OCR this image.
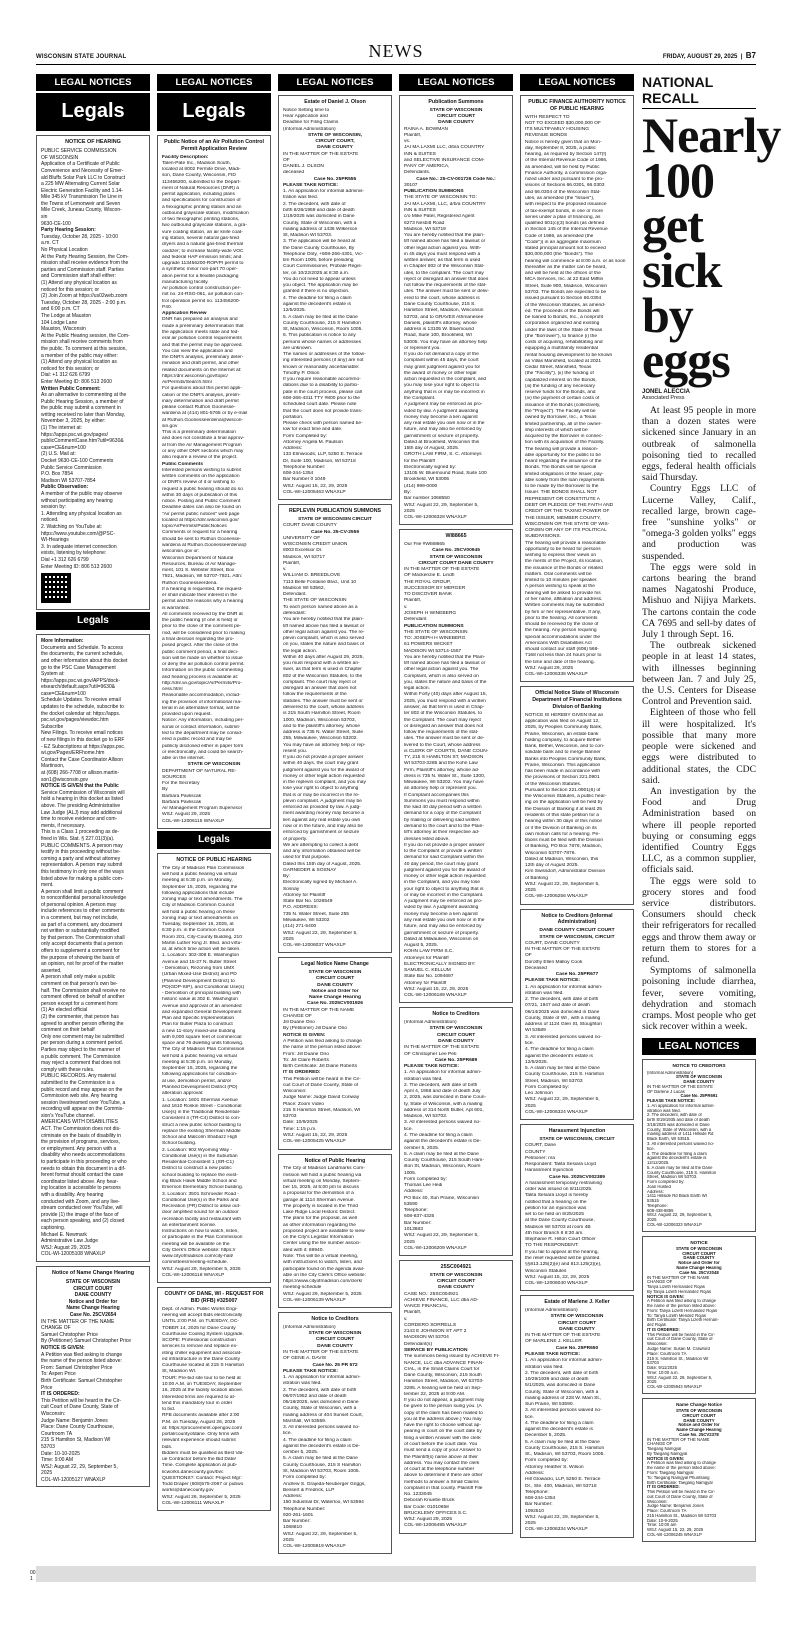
WISCONSIN STATE JOURNAL	NEWS	FRIDAY, AUGUST 29, 2025  |  B7
LEGAL NOTICES
Legals
NOTICE OF HEARING
PUBLIC SERVICE COMMISSION
OF WISCONSIN
Application of a Certificate of Public
Convenience and Necessity of Emer-
ald Bluffs Solar Park LLC to Construct
a 225 MW Alternating Current Solar
Electric Generation Facility and 1.14-
Mile 345 kV Transmission Tie Line in
the Towns of Lemonweir and Seven
Mile Creek, Juneau County, Wiscon-
sin
9630-CE-100
Party Hearing Session:
Tuesday, October 28, 2025 - 10:00
a.m. CT
No Physical Location
At the Party Hearing Session, the Com-
mission shall receive evidence from the
parties and Commission staff. Parties
and Commission staff shall either:
(1) Attend any physical location as
noticed for this session; or
(2) Join Zoom at https://us02web.zoom
Tuesday, October 28, 2025 - 2:00 p.m.
and 6:00 p.m. CT
The Lodge at Mauston
104 Lodge Lane
Mauston, Wisconsin
At the Public Hearing session, the Com-
mission shall receive comments from
the public. To comment at this session,
a member of the public may either:
(1) Attend any physical location as
noticed for this session; or
Dial: +1 312 626 6799
Enter Meeting ID: 806 513 2600
Written Public Comment:
As an alternative to commenting at the
Public Hearing Session, a member of
the public may submit a comment in
writing received no later than Monday,
November 3, 2025, by either:
(1) The internet at:
https://apps.psc.wi.gov/pages/
publicCommentCase.htm?util=9630&
case=CE&num=100
(2) U.S. Mail at:
Docket 9630-CE-100 Comments
Public Service Commission
P.O. Box 7854
Madison WI 53707-7854
Public Observation:
A member of the public may observe
without participating any hearing
session by:
1. Attending any physical location as
noticed.
2. Watching on YouTube at:
https://www.youtube.com/@PSC-
WI-Hearings
3. In adequate internet connection
exists, listening by telephone:
Dial +1 312 626 6799
Enter Meeting ID: 806 513 2600
Legals
More Information:
Documents and Schedule. To access
the documents, the current schedule,
and other information about this docket
go to the PSC Case Management
System at:
https://apps.psc.wi.gov/APPS/dock-
etsearch/default.aspx?util=9630&
case=CE&num=100
Schedule Updates. To receive email
updates to the schedule, subscribe to
the docket calendar at: https://apps.
psc.wi.gov/pages/viewdoc.htm
Subscribe
New Filings. To receive email notices
of new filings in this docket go to ERF
- EZ Subscriptions at https://apps.psc.
wi.gov/Pages/ERFhome.htm
Contact the Case Coordinator Allison
Martinson,
at (608) 266-7708 or allison.martin-
son1@wisconsin.gov
NOTICE IS GIVEN that the Public
Service Commission of Wisconsin will
hold a hearing in this docket as listed
above. The presiding Administrative
Law Judge (ALJ) may add additional
time to receive evidence and com-
ments, if necessary.
This is a Class 1 proceeding as de-
fined in Wis. Stat. § 227.01(3)(a).
PUBLIC COMMENTS. A person may
testify in this proceeding without be-
coming a party and without attorney
representation. A person may submit
this testimony in only one of the ways
listed above for making a public com-
ment.
A person shall limit a public comment
to nonconfidential personal knowledge
of personal opinion. A person may
include references to other comments
in a comment, but may not include,
as part of a comment, any document
not written or substantially modified
by that person. The Commission shall
only accept documents that a person
offers to supplement a comment for
the purpose of showing the basis of
an opinion, not for proof of the matter
asserted.
A person shall only make a public
comment on that person's own be-
half. The Commission shall receive no
comment offered on behalf of another
person except for a comment from:
(1) An elected official
(2) the commenter, that person has
agreed to another person offering the
comment on their behalf
Only one comment may be submitted
per person during a comment period.
Parties may object to the manner of
a public comment. The Commission
may reject a comment that does not
comply with these rules.
PUBLIC RECORDS. Any material
submitted to the Commission is a
public record and may appear on the
Commission web site. Any hearing
session livestreamed over YouTube, a
recording will appear on the Commis-
sion's YouTube channel.
AMERICANS WITH DISABILITIES
ACT. The Commission does not dis-
criminate on the basis of disability in
the provision of programs, services,
or employment. Any person with a
disability who needs accommodations
to participate in this proceeding or who
needs to obtain this document in a dif-
ferent format should contact the case
coordinator listed above. Any hear-
ing location is accessible to persons
with a disability. Any hearing
conducted with Zoom, and any live-
stream conducted over YouTube, will
provide (1) the image of the face of
each person speaking, and (2) closed
captioning.
Michael E. Newmark
Administrative Law Judge
WSJ: August 29, 2025
COL-WI-12005108 WNAXLP
Notice of Name Change Hearing
STATE OF WISCONSIN
CIRCUIT COURT
DANE COUNTY
Notice and Order for
Name Change Hearing
Case No. 25CV2654
IN THE MATTER OF THE NAME
CHANGE OF
Samuel Christopher Price
By (Petitioner) Samuel Christopher Price
NOTICE IS GIVEN:
A Petition was filed asking to change
the name of the person listed above:
From: Samuel Christopher Price
To: Aspen Price
Birth Certificate: Samuel Christopher
Price
IT IS ORDERED:
This Petition will be heard in the Cir-
cuit Court of Dane County, State of
Wisconsin:
Judge Name: Benjamin Jones
Place: Dane County Courthouse,
Courtroom 7A
215 S Hamilton St, Madison WI
53703
Date: 10-10-2025
Time: 9:00 AM
WSJ: August 22, 29, September 5,
2025
COL-WI-12005127 WNAXLP
LEGAL NOTICES
Legals
Public Notice of an Air Pollution Control Permit Application Review
Facility Description:
Talen-Pate Inc., Madison South,
located at 8002 Fermite Drive, Madi-
son, Dane County, Wisconsin, FID
113456200, submitted to the Depart-
ment of Natural Resources (DNR) a
permit application, including plans
and specifications for construction of
a flexographic printing station and an
outbound grayscale station, modification
of two flexographic printing stations,
two outbound grayscale stations, a gra-
vure coating station, an air knife coat-
ing station, several natural gas-fired
dryers and a natural gas-fired thermal
oxidizer; to increase facility-wide VOC
and federal HAP emission limits; and
upgrade 113456200-ROP/PI permit to
a synthetic minor non-part 70 oper-
ation permit for a flexible packaging
manufacturing facility.
Air pollution control construction per-
mit no. 24-RSG-061, air pollution con-
trol operation permit no. 113456200-
P40.
Application Review
DNR has prepared an analysis and
made a preliminary determination that
the application meets state and fed-
eral air pollution control requirements
and that the permit may be approved.
You can view the application and
the DNR's analysis, preliminary deter-
mination and draft permit, and other
related documents on the Internet at:
https://dnr.wisconsin.gov/topic/
AirPermits/Search.html
For questions about this permit appli-
cation or the DNR's analysis, prelim-
inary determination and draft permit
please contact Ruthon Goonesse-
wardena at (414) 801-5765 or by e-mail
at Ruthon.Goonesseerdena@wiscon-
sin.gov
This is a preliminary determination
and does not constitute a final approv-
al from the Air Management Program
or any other DNR sections which may
also require a review of the project.
Public Comments
Interested persons wishing to submit
written comments on the application
or DNR's review of it or wishing to
request a public hearing should do so
within 30 days of publication of this
notice. Posting and Public Comment
Deadline dates can also be found on
"Air permit public notices" web page
located at https://dnr.wisconsin.gov/
topic/AirPermits/PublicNotices
Comments or request for a hearing
should be sent to Ruthon Goonesse-
wardena at Ruthon.Goonesseerdena@
wisconsin.gov or:
Wisconsin Department of Natural
Resources, Bureau of Air Manage-
ment, 101 S. Webster Street, Box
7921, Madison, WI 53707-7921. Attn:
Ruthon Goonesseerdena.
If a hearing is requested, the request-
er shall indicate their interest in the
permit and the reasons why a hearing
is warranted.
All comments received by the DNR at
the public hearing (if one is held) or
prior to the close of the comment pe-
riod, will be considered prior to making
a final decision regarding the pro-
posed project. After the close of the
public comment period, a final deci-
sion will be made on whether to issue
or deny the air pollution control permit.
Information on the public commenting
and hearing process is available at:
http://dnr.wi.gov/topic/AirPermits/Pro-
cess.html
Reasonable accommodation, includ-
ing the provision of informational ma-
terial in an alternative format, will be
provided upon request.
Notice: Any information, including per-
sonal or contact information, submit-
ted to the department may be consid-
ered a public record and may be
publicly disclosed either in paper form
or electronically, and could be search-
able on the internet.
STATE OF WISCONSIN
DEPARTMENT OF NATURAL RE-
SOURCES
For the Secretary
By
Barbara Pavliscak
Barbara Pavliscak
Air Management Program Supervisor
WSJ: August 29, 2025
COL-WI-12006115 WNAXLP
Legals
NOTICE OF PUBLIC HEARING
The City of Madison Plan Commission
will hold a public hearing via virtual
meeting at 5:30 p.m. on Monday,
September 15, 2025, regarding the
following applications that include
zoning map or text amendments. The
City of Madison Common Council
will hold a public hearing on these
zoning map or text amendments on
Tuesday, September 16, 2025, at
6:30 p.m. in the Common Council
Room 201, City-County Building, 210
Martin Luther King Jr. Blvd. and virtu-
al, at which time action will be taken.
1. Location: 302-308 E. Washington
Avenue and 15-27 N. Butler Street
- Demolition, Rezoning from UMX
(Urban Mixed-Use District) and PD
(Planned Development District) to
PD(GDP-SIP), and Conditional Use(s)
- Demolition of principal building with
historic value at 302 E. Washington
Avenue and approval of an amended
and expanded General Development
Plan and Specific Implementation
Plan for Butler Plaza to construct
a new 11-story mixed-use building
with 9,000 square feet of commercial
space and 76 dwelling units following.
The City of Madison Plan Commission
will hold a public hearing via virtual
meeting at 5:30 p.m. on Monday,
September 15, 2025, regarding the
following applications for condition-
al use, demolition permit, and/or
Planned Development District (PD)
alteration approval:
1. Location: 1601 Sherman Avenue
and 1610 Roskin Street - Conditional
Use(s) in the Traditional Residential-
Consistent 4 (TR-C4) District to con-
struct a new public school building to
replace the existing Sherman Middle
School and Malcolm Shabazz High
School building.
2. Location: 902 Wyoming Way -
Conditional Use(s) in the Suburban
Residential-Consistent 1 (SR-C1)
District to construct a new public
school building to replace the exist-
ing Black Hawk Middle School and
Emerson Elementary School building.
3. Location: 3501 Schroeder Road -
Conditional Use(s) in the Parks and
Recreation (PR) District to allow out-
door amplified sound for an outdoor
recreation facility and restaurant with
an entertainment license.
Instructions on how to watch, listen,
or participate in the Plan Commission
meeting will be available on the
City Clerk's Office website: https://
www.cityofmadison.com/city-hall/
committees/meeting-schedule.
WSJ: August 29, September 5, 2025
COL-WI-12006118 WNAXLP
COUNTY OF DANE, WI - REQUEST FOR BID (RFB) #325007
Dept. of Admin. Public Works Engi-
neering will accept Bids electronically
UNTIL 2:00 P.M. on TUESDAY, OC-
TOBER 14, 2025 for Dane County
Courthouse Cooling System Upgrade.
SCOPE: Professional construction
services to remove and replace ex-
isting chiller equipment and associat-
ed infrastructure in the Dane County
Courthouse located at 215 S Hamilton
St, Madison WI.
TOUR: Pre-bid site tour to be held at
10:00 A.M. on TUESDAY, September
16, 2025 at the facility location above.
Interested firms are required to at-
tend this mandatory tour in order
to bid.
RFB documents available after 2:00
P.M. on Tuesday, August 26, 2025
at: https://procurement.opengov.com/
portal/countyofdane. Only firms with
relevant experience should submit
bids.
Bidders must be qualified as Best Val-
ue Contractor before the Bid Date/
Time. Complete application at pub-
licworks.danecounty.gov/bvc
QUESTIONS?: Contact: Project Mgr:
Todd Draper (608)575-2067 or pubwo
works@danecounty.gov
WSJ: August 26, September 5, 2025
COL-WI-12006111 WNAXLP
LEGAL NOTICES
Estate of Daniel J. Olson
Notice Setting time to
Hear Application and
Deadline for Filing Claims
(Informal Administration)
STATE OF WISCONSIN,
CIRCUIT COURT,
DANE COUNTY
IN THE MATTER OF THE ESTATE
OF
DANIEL J. OLSON
deceased
Case No. 25PR555
PLEASE TAKE NOTICE:
1. An application for informal adminis-
tration was filed.
2. The decedent, with date of
birth 8/26/1959 and date of death
1/19/2025 was domiciled in Dane
County, State of Wisconsin, with a
mailing address of 1436 Wilkerson
St, Madison WI 53703.
3. The application will be heard at
the Dane County Courthouse, By
Telephone Only, +608-266-4301, Vic-
tim Room 1005, before presiding
Court Commissioner, Probate Regis-
ter, on 10/22/2025 at 8:30 a.m.
You do not need to appear unless
you object. The application may be
granted if there is no objection.
4. The deadline for filing a claim
against the decedent's estate is
12/5/2025.
5. A claim may be filed at the Dane
County Courthouse, 215 S Hamilton
St, Madison, Wisconsin, Room 1005.
6. This publication is notice to any
persons whose names or addresses
are unknown.
The names or addresses of the follow-
ing interested persons (if any) are not
known or reasonably ascertainable:
Timothy P. Olson
If you require reasonable accommo-
dations due to a disability to partici-
pate in the court process, please call
608-266-4311 TTY #800 prior to the
scheduled court date. Please note
that the court does not provide trans-
portation.
Please check with person named be-
low for exact time and date.
Form Completed by:
Attorney Angela M. Paulson
Address:
133 Elmwoods, LLP, 5250 E. Terrace
Dr, Suite 100, Madison, WI 53718
Telephone Number:
608-244-1354
Bar Number 0 1049
WSJ: August 15, 22, 29, 2025
COL-WI-12005463 WNAXLP
REPLEVIN PUBLICATION SUMMONS
STATE OF WISCONSIN CIRCUIT
COURT DANE COUNTY
Case No. 25-CV-2559
UNIVERSITY OF
WISCONSIN CREDIT UNION
8003 Excelsior Dr.
Madison, WI 53717
Plaintiff,
v.
WILLIAM D. BREEDLOVE
7113 Belle Fontaine Blvd., Unit 10
Madison WI 53562,
Defendant.
THE STATE OF WISCONSIN
To each person named above as a
defendant:
You are hereby notified that the plain-
tiff named above has filed a lawsuit or
other legal action against you. The re-
plevin complaint, which is also served
on you, states the nature and basis of
the legal action.
Within 40 days after August 29, 2025,
you must respond with a written an-
swer, as that term is used in Chapter
802 of the Wisconsin Statutes, to the
complaint. The court may reject or
disregard an answer that does not
follow the requirements of the
statutes. The answer must be sent or
delivered to the court, whose address
is 215 South Hamilton Street, Room
1000, Madison, Wisconsin 53703,
and to the plaintiff's attorney, whose
address is 735 N. Water Street, Suite
255, Milwaukee, Wisconsin 53202.
You may have an attorney help or rep-
resent you.
If you do not provide a proper answer
within 40 days, the court may grant
judgment against you for the award of
money or other legal action requested
in the replevin complaint, and you may
lose your right to object to anything
that is or may be incorrect in the re-
plevin complaint. A judgment may be
enforced as provided by law. A judg-
ment awarding money may become a
lien against any real estate you own
now or in the future, and may also be
enforced by garnishment or seizure
of property.
We are attempting to collect a debt
and any information obtained will be
used for that purpose.
Dated this 15th day of August, 2025.
GARNEDER & SOSNAY
By:
Electronically signed by Michael A.
Sosnay
Attorney for Plaintiff
State Bar No. 1028549
P.O. ADDRESS:
735 N. Water Street, Suite 255
Milwaukee, WI 53202
(414) 271-5400
WSJ: August 22, 29, September 5,
2025
COL-WI-12006037 WNAXLP
Legal Notice Name Change
STATE OF WISCONSIN
CIRCUIT COURT
DANE COUNTY
Notice and Order for
Name Change Hearing
Case No. 2025CV001926
IN THE MATTER OF THE NAME
CHANGE OF
Jill Duane Ono
By (Petitioner) Jill Duane Ono
NOTICE IS GIVEN:
A Petition was filed asking to change
the name of the person listed above:
From: Jill Duane Ono
To: Jill Claire Roberts
Birth Certificate: Jill Diane Roberts
IT IS ORDERED:
This Petition will be heard in the Cir-
cuit Court of Dane County, State of
Wisconsin:
Judge Name: Judge David Conway
Place: Zoom Video
215 S Hamilton Street, Madison, WI
53703
Date: 10/9/2025
Time: 1:15 p.m.
WSJ: August 15, 22, 29, 2025
COL-WI-12005425 WNAXLP
Notice of Public Hearing
The City of Madison Landmarks Com-
mission will hold a public hearing via
virtual meeting on Monday, Septem-
ber 15, 2025, at 5:00 pm to discuss
a proposal for the demolition of a
garage at 1114 Sherman Avenue.
The property is located in the Third
Lake Ridge Local Historic District.
The plans for the proposal, as well
as other information regarding the
proposed project are available to view
on the City's Legistar Information
Center using the file number associ-
ated with it: 88940.
Note: This will be a virtual meeting,
with instructions to watch, listen, and
participate found on the agenda avail-
able on the City Clerk's Office website:
https://www.cityofmadison.com/clerk/
meeting-schedule
WSJ: August 29, September 5, 2025
COL-WI-12006139 WNAXLP
Notice to Creditors
(Informal Administration)
STATE OF WISCONSIN
CIRCUIT COURT
DANE COUNTY
IN THE MATTER OF THE ESTATE
OF GENE A. DAVIS
Case No. 25 PR 572
PLEASE TAKE NOTICE:
1. An application for informal admin-
istration was filed.
2. The decedent, with date of birth
06/07/1952 and date of death
05/18/2025, was domiciled in Dane
County, State of Wisconsin, with a
mailing address of 404 Sunset Court,
Marshall, WI 53559.
3. All interested persons waived no-
tice.
4. The deadline for filing a claim
against the decedent's estate is De-
cember 5, 2025.
5. A claim may be filed at the Dane
County Courthouse, 215 S Hamilton
St, Madison WI 53703, Room 1005.
Form completed by:
Andrew S. Grajeda-Neuberger Griggs,
Bessert & Fredrick, LLP
Address:
150 Industrial Dr, Waterloo, WI 53594
Telephone Number:
920-261-1601
Bar Number:
1088810
WSJ: August 22, 29, September 5,
2025
COL-WI-12005919 WNAXLP
LEGAL NOTICES
Publication Summons
STATE OF WISCONSIN
CIRCUIT COURT
DANE COUNTY
RAINA A. BOWMAN
Plaintiff,
vs.
JAI MA LAXMI LLC, d/b/a COUNTRY
INN & SUITES
and SELECTIVE INSURANCE COM-
PANY OF AMERICA,
Defendants.
Case No.: 25-CV-001726 Code No.:
30107
PUBLICATION SUMMONS
THE STATE OF WISCONSIN TO:
JAI MA LAXMI, LLC, d/b/a COUNTRY
INN & SUITES
c/o Mike Patel, Registered Agent
6273 Nesbitt Road
Madison, WI 53719
You are hereby notified that the plain-
tiff named above has filed a lawsuit or
other legal action against you. With-
in 45 days you must respond with a
written answer, as that term is used
in Chapter 802 of the Wisconsin Stat-
utes, to the complaint. The court may
reject or disregard an answer that does
not follow the requirements of the stat-
utes. The answer must be sent or deliv-
ered to the court, whose address is
Dane County Courthouse, 215 S.
Hamilton Street, Madison, Wisconsin
53703, and to GRAVES Athmanesee
Daniels, plaintiff's attorney, whose
address is 13105 W. Bluemound
Road, Suite 100, Brookfield, WI
53005. You may have an attorney help
or represent you.
If you do not demand a copy of the
complaint within 45 days, the court
may grant judgment against you for
the award of money or other legal
action requested in the complaint, and
you may lose your right to object to
anything that is or may be incorrect in
the Complaint.
A judgment may be enforced as pro-
vided by law. A judgment awarding
money may become a lien against
any real estate you own now or in the
future, and may also be enforced by
garnishment or seizure of property.
Dated at Brookfield, Wisconsin this
15th day of August, 2025.
GROTH LAW FIRM, S. C. Attorneys
for the Plaintiff
Electronically signed by:
13105 W. Bluemound Road, Suite 100
Brookfield, WI 53005
(414) 999-0000
By:
Bar number 1068550
WSJ: August 22, 29, September 5,
2025
COL-WI-12006328 WNAXLP
WI88665
Our File #WI88665
Case No. 25CV00945
STATE OF WISCONSIN
CIRCUIT COURT DANE COUNTY
IN THE MATTER OF THE ESTATE
OF Mackenzie E. Lindh
THE ROYAL GROUP,
SUCCESSOR BY MERGER
TO DISCOVER BANK
Plaintiff,
v.
JOSEPH H WINEBERG
Defendant
PUBLICATION SUMMONS
THE STATE OF WISCONSIN
TO: JOSEPH H WINEBERG
61 POWERS WICKET
MADISON WI 53714-1557
You are hereby notified that the Plain-
tiff named above has filed a lawsuit or
other legal action against you. The
Complaint, which is also served on
you, states the nature and basis of the
legal action.
Within Forty (40) days after August 15,
2025, you must respond with a written
answer, as that term is used in Chap-
ter 802 of the Wisconsin Statutes, to
the Complaint. The court may reject
or disregard an answer that does not
follow the requirements of the stat-
utes. The answer must be sent or de-
livered to the Court, whose address
is CLERK OF COURTS, DANE COUN-
TY, 215 S HAMILTON ST, MADISON
WI 53703-3285 and the Kohn Law
Firm, Plaintiff's attorney, whose ad-
dress is 735 N. Water St., Suite 1300,
Milwaukee, WI 53202. You may have
an attorney help or represent you.
If Complaint accompanies this
Summons you must respond within
the said 40 day period with a written
demand for a copy of the Complaint
by mailing or delivering said written
demand to the court and to the Plain-
tiff's attorney at their respective ad-
dresses listed above.
If you do not provide a proper answer
to the Complaint or provide a written
demand for said Complaint within the
40 day period, the court may grant
judgment against you for the award of
money or other legal action requested
in the Complaint, and you may lose
your right to object to anything that is
or may be incorrect in the Complaint.
A judgment may be enforced as pro-
vided by law. A judgment awarding
money may become a lien against
any real estate you own now or in the
future, and may also be enforced by
garnishment or seizure of property.
Dated at Milwaukee, Wisconsin on
August 5, 2025.
KOHN LAW FIRM S.C.
Attorneys for Plaintiff
ELECTRONICALLY SIGNED BY:
SAMUEL C. KELLUM
State Bar No. 1094697
Attorney for Plaintiff
WSJ: August 15, 22, 29, 2025
COL-WI-12006189 WNAXLP
Notice to Creditors
(Informal Administration)
STATE OF WISCONSIN
CIRCUIT COURT
DANE COUNTY
IN THE MATTER OF THE ESTATE
OF Christopher Lee Peti
Case No. 25PR689
PLEASE TAKE NOTICE:
1. An application for informal admin-
istration was filed.
2. The decedent, with date of birth
April 4, 1958 and date of death July
2, 2025, was domiciled in Dane Coun-
ty, State of Wisconsin, with a mailing
address of 314 North Butler, Apt 601,
Madison, WI 53703.
3. All interested persons waived no-
tice.
4. The deadline for filing a claim
against the decedent's estate is De-
cember 5, 2025.
5. A claim may be filed at the Dane
County Courthouse, 215 South Ham-
ilton St, Madison, Wisconsin, Room
1005.
Form completed by:
Thomas Lee Hedi
Address:
PO Box 40, Sun Prairie, Wisconsin
53590
Telephone:
608-837-4325
Bar Number:
1013683
WSJ: August 22, 29, September 5,
2025
COL-WI-12006209 WNAXLP
25SC004921
STATE OF WISCONSIN
CIRCUIT COURT
DANE COUNTY
CASE NO.: 25SC004921
ACHIEVE FINANCE, LLC dba AD-
VANCE FINANCIAL,
Plaintiff,
v.
CORDERO SORRELLS
2143 E JOHNSON ST APT 2
MADISON WI 53704
Defendant(s)
SERVICE BY PUBLICATION
The summons being issued by ACHIEVE FI-
NANCE, LLC dba ADVANCE FINAN-
CIAL, in the Small Claims Court for
Dane County, Wisconsin, 215 South
Hamilton Street, Madison, WI 53703-
3285. A hearing will be held on Sep-
tember 22, 2025 at 9:00 AM.
If you do not appear, a judgment may
be given to the person suing you. (A
copy of the claim has been mailed to
you at the address above.) You may
have the right to choose without ap-
pearing in court on the court date by
filing a written Answer with the clerk
of court before the court date. You
must send a copy of your Answer to
the Plaintiff(s) name above at their
address. You may contact the clerk
of court at the telephone number
above to determine if there are other
methods to answer a Small Claims
complaint in that county. Plaintiff File
No. 1233045
Deborah Knuebe Bruck
Bar Code: 01010658
BRUCKLEMY OFFICES S.C.
WSJ: August 29, 2025
COL-WI-12006495 WNAXLP
LEGAL NOTICES
PUBLIC FINANCE AUTHORITY NOTICE OF PUBLIC HEARING
WITH RESPECT TO
NOT TO EXCEED $30,000,000 OF
ITS MULTIFAMILY HOUSING
REVENUE BONDS
Notice is hereby given that on Mon-
day, September 8, 2025, a public
hearing, as required by Section 147(f)
of the Internal Revenue Code of 1986,
as amended, will be held by Public
Finance Authority, a commission orga-
nized under and pursuant to the pro-
visions of Sections 66.0301, 66.0303
and 66.0304 of the Wisconsin Stat-
utes, as amended (the "Issuer"),
with respect to the proposed issuance
of tax-exempt bonds, in one or more
series under a plan of financing, as
qualified 501(c)(3) bonds (as defined
in Section 145 of the Internal Revenue
Code of 1986, as amended (the
"Code")) in an aggregate maximum
stated principal amount not to exceed
$30,000,000 (the "Bonds"). The
hearing will commence at 8:00 a.m. or as soon
thereafter as the matter can be heard,
and will be held at the offices of the
MCA Services, Inc. at 22 East Mifflin
Street, Suite 900, Madison, Wisconsin
53703. The Bonds are expected to be
issued pursuant to Section 66.0304
of the Wisconsin Statutes, as amend-
ed. The proceeds of the Bonds will
be loaned to Bonds, Inc., a nonprofit
corporation organized and existing
under the laws of the State of Texas
(the "Borrower"), to finance (i) the
costs of acquiring, rehabilitating and
equipping a multifamily residential
rental housing development to be known
as Villas Mansfield, located at 2021
Cedar Street, Mansfield, Texas
(the "Facility"), (ii) the funding of
capitalized interest on the Bonds,
(iii) the funding of any necessary
reserve funds for the Bonds, and
(iv) the payment of certain costs of
issuance of the Bonds (collectively,
the "Project"). The Facility will be
owned by Borrower, Inc., a Texas
limited partnership, all of the owner-
ship interests of which will be
acquired by the Borrower in connec-
tion with its acquisition of the Facility.
The hearing will provide a reason-
able opportunity for the public to be
heard regarding the issuance of the
Bonds. The Bonds will be special
limited obligations of the Issuer, pay-
able solely from the loan repayments
to be made by the Borrower to the
Issuer. THE BONDS SHALL NOT
REPRESENT OR CONSTITUTE A
DEBT OR PLEDGE OF THE FAITH AND
CREDIT OR THE TAXING POWER OF
THE ISSUER, MEMBER COUNTY,
WISCONSIN OR THE STATE OF WIS-
CONSIN OR ANY OF ITS POLITICAL
SUBDIVISIONS.
The hearing will provide a reasonable
opportunity to be heard for persons
wishing to express their views on
the merits of the Project, its location,
the issuance of the Bonds or related
matters. Oral comments will be
limited to 10 minutes per speaker.
A person wishing to speak at the
hearing will be asked to provide his
or her name, affiliation and address.
Written comments may be submitted
by him or her representative. If any,
prior to the hearing. All comments
should be received by the close of
the hearing. Any person requiring
special accommodations under the
Americans With Disabilities Act
should contact our staff (608) 568-
7168 not less than 24 hours prior to
the time and date of the hearing.
WSJ: August 29, 2025
COL-WI-12006336 WNAXLP
Official Notice State of Wisconsin Department of Financial Institutions Division of Banking
NOTICE IS HEREBY GIVEN that an
application was filed on August 12,
2025, by Peoples Community Bank,
Prairie, Wisconsin, an estate bank
holding company, to acquire Bethel
Bank, Bethel, Wisconsin, and to con-
solidate bank and to merge Banner
Banks into Peoples Community Bank,
Prairie, Wisconsin. This application
has been made in accordance with
the provisions of Section 221.0901
of the Wisconsin Statutes.
Pursuant to Section 221.0901(6) of
the Wisconsin Statutes, a public hear-
ing on the application will be held by
the Division of Banking if at least 25
residents of this state petition for a
hearing within 30 days of this notice
or if the Division of Banking on its
own motion calls for a hearing. Pe-
titions must be filed with the Division
of Banking, PO Box 7876, Madison,
Wisconsin 53707-7876.
Dated at Madison, Wisconsin, this
12th day of August 2025.
Kim Swissdorf, Administrator Division
of Banking
WSJ: August 22, 29, September 5,
2025
COL-WI-12006256 WNAXLP
Notice to Creditors (Informal Administration)
DANE COUNTY CIRCUIT COURT
STATE OF WISCONSIN, CIRCUIT
COURT, DANE COUNTY
IN THE MATTER OF THE ESTATE
OF
Dorothy Ellen Malloy Cook
Deceased
Case No. 25PR677
PLEASE TAKE NOTICE:
1. An application for informal admin-
istration was filed.
2. The decedent, with date of birth
07/21, 1947 and date of death
06/14/2025 was domiciled in Dane
County, State of WI , with a mailing
address of 1124 Glen St, Stoughton
WI 53589
3. All interested persons waived no-
tice.
4. The deadline for filing a claim
against the decedent's estate is
12/5/2025.
5. A claim may be filed at the Dane
County Courthouse, 215 S. Hamilton
Street, Madison, WI 53703
Form Completed by:
Leo Johnson
WSJ: August 22, 29, September 5,
2025
COL-WI-12006324 WNAXLP
Harassment Injunction
STATE OF WISCONSIN, CIRCUIT
COURT, Dane
COUNTY
Petitioner: n/a
Respondent: Talita Sesiara Lloyd
Harassment Injunction
Case No. 2025CV002389
A harassment temporary restraining
order was issued on 8/11/2025.
Talita Sesiara Lloyd is hereby
notified that a hearing on the
petition for an injunction was
set to be held on 8/25/2025
at the Dane County Courthouse,
Madison WI 53703 at room 4B
4th floor Branch 8 8:30 am.
Stephanie R. Hilton Court Officer
TO THE RESPONDENT:
If you fail to appear at the hearing,
the relief requested will be granted.
§§813.125(2)(e) and 813.125(2)(e),
Wisconsin Statutes
WSJ: August 15, 22, 29, 2025
COL-WI-12006040 WNAXLP
Estate of Marlene J. Keller
(Informal Administration)
STATE OF WISCONSIN
CIRCUIT COURT
DANE COUNTY
IN THE MATTER OF THE ESTATE
OF MARLENE J. KELLER
Case No. 25PR650
PLEASE TAKE NOTICE:
1. An application for informal admin-
istration was filed.
2. The decedent, with date of birth
10/29/1936 and date of death
5/1/2025, was domiciled in Dane
County, State of Wisconsin, with a
mailing address of 228 W. Main St.,
Sun Prairie, WI 53590.
3. All interested persons waived no-
tice.
4. The deadline for filing a claim
against the decedent's estate is
December 5, 2025.
5. A claim may be filed at the Dane
County Courthouse, 215 S. Hamilton
St., Madison, WI 53703, Room 1005.
Form completed by:
Attorney Heather S. Wilson
Address:
Hill Glowacki, LLP, 5250 E. Terrace
Dr., Ste. 400, Madison, WI 53718
Telephone:
608-244-1354
Bar Number:
1092510
WSJ: August 22, 29, September 5,
2025
COL-WI-12006334 WNAXLP
NATIONAL RECALL
Nearly
100 get
sick by
eggs
JONEL ALECCIA
Associated Press

At least 95 people in more than a dozen states were sickened since January in an outbreak of salmonella poisoning tied to recalled eggs, federal health officials said Thursday.

Country Eggs LLC of Lucerne Valley, Calif., recalled large, brown cage-free "sunshine yolks" or "omega-3 golden yolks" eggs and production was suspended.

The eggs were sold in cartons bearing the brand names Nagatoshi Produce, Mishuo and Nijiya Markets. The cartons contain the code CA 7695 and sell-by dates of July 1 through Sept. 16.

The outbreak sickened people in at least 14 states, with illnesses beginning between Jan. 7 and July 25, the U.S. Centers for Disease Control and Prevention said.

Eighteen of those who fell ill were hospitalized. It's possible that many more people were sickened and eggs were distributed to additional states, the CDC said.

An investigation by the Food and Drug Administration based on where ill people reported buying or consuming eggs identified Country Eggs LLC, as a common supplier, officials said.

The eggs were sold to grocery stores and food service distributors. Consumers should check their refrigerators for recalled eggs and throw them away or return them to stores for a refund.

Symptoms of salmonella poisoning include diarrhea, fever, severe vomiting, dehydration and stomach cramps. Most people who get sick recover within a week.

LEGAL NOTICES
NOTICE TO CREDITORS
(Informal Administration)
STATE OF WISCONSIN
DANE COUNTY
IN THE MATTER OF THE ESTATE
OF Darlene J Lucas
Case No. 25PR691
PLEASE TAKE NOTICE:
1. An application for informal admin-
istration was filed.
2. The decedent, with date of
birth 8/19/1935 and date of death
3/18/2025 was domiciled in Dane
County, State of Wisconsin, with a
mailing address of 1411 Hillside Rd
Black Earth, WI 53515.
3. All interested persons waived no-
tice.
4. The deadline for filing a claim
against the decedent's estate is
12/12/2025.
5. A claim may be filed at the Dane
County Courthouse, 215 S. Hamilton
Street, Madison WI 53703.
Form completed by:
Joan Husted
Address:
1411 Hillside Rd Black Earth WI
53515
Telephone:
608-438-8855
WSJ: August 22, 29, September 5,
2025
COL-WI-12006323 WNAXLP
NOTICE
STATE OF WISCONSIN
CIRCUIT COURT
DANE COUNTY
Notice and Order for
Name Change Hearing
Case No. 25CV2048
IN THE MATTER OF THE NAME
CHANGE OF
Tanya Lizeth Hernandez Rojas
By Tanya Lizeth Hernandez Rojas
NOTICE IS GIVEN:
A Petition was filed asking to change
the name of the person listed above:
From: Tanya Lizeth Hernandez Rojas
To: Tanya Lizeth Mendez Rojas
Birth Certificate: Tanya Lizeth Hernan-
dez Rojas
IT IS ORDERED:
This Petition will be heard in the Cir-
cuit Court of Dane County, State of
Wisconsin:
Judge Name: Susan M. Crawford
Place: Courtroom 7A
215 S. Hamilton St., Madison WI
53703
Date: 9/11/2025
Time: 10:00 a.m.
WSJ: August 22, 29, September 5,
2025
COL-WI-12005943 WNAXLP
Name Change Notice
STATE OF WISCONSIN
CIRCUIT COURT
DANE COUNTY
Notice and Order for
Name Change Hearing
Case No. 25CV2378
IN THE MATTER OF THE NAME
CHANGE OF
Taegang Namgyal
By Taegang Namgyal
NOTICE IS GIVEN:
A Petition was filed asking to change
the name of the person listed above:
From: Taegang Namgyal
To: Taegang Namgyal Phuntsang
Birth Certificate: Taegang Namgyal
IT IS ORDERED:
This Petition will be heard in the Cir-
cuit Court of Dane County, State of
Wisconsin:
Judge Name: Benjamin Jones
Place: Courtroom 7A
215 Hamilton St., Madison WI 53703
Date: 10-9-2025
Time: 10:00 am
WSJ: August 15, 22, 29, 2025
COL-WI-12006245 WNAXLP
00
1
